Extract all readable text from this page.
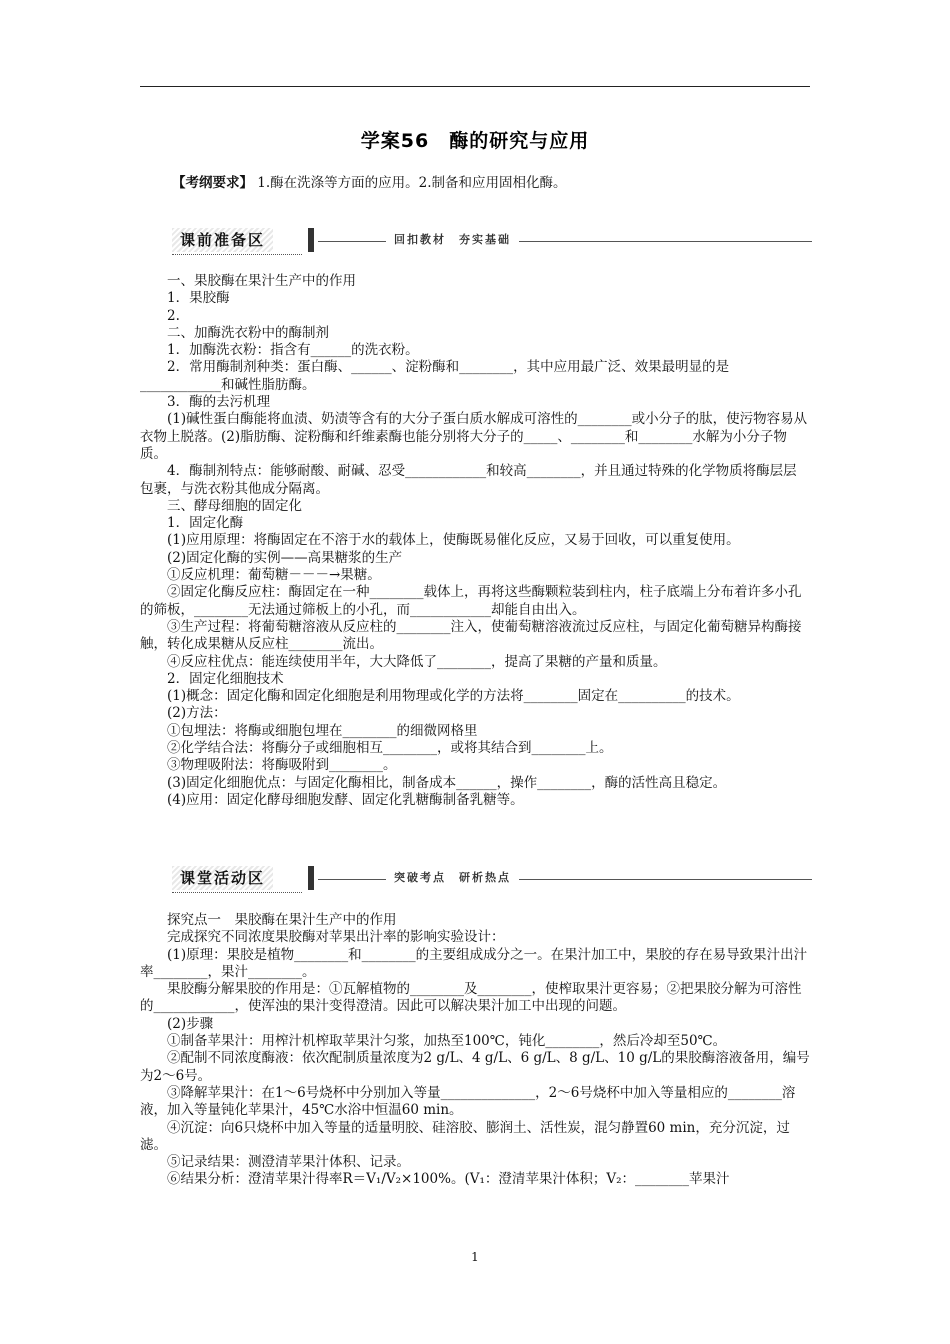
学案56　酶的研究与应用
【考纲要求】 1.酶在洗涤等方面的应用。2.制备和应用固相化酶。
课前准备区	回扣教材　夯实基础

一、果胶酶在果汁生产中的作用

1．果胶酶

2.

二、加酶洗衣粉中的酶制剂

1．加酶洗衣粉：指含有______的洗衣粉。

2．常用酶制剂种类：蛋白酶、______、淀粉酶和________，其中应用最广泛、效果最明显的是____________和碱性脂肪酶。

3．酶的去污机理

(1)碱性蛋白酶能将血渍、奶渍等含有的大分子蛋白质水解成可溶性的________或小分子的肽，使污物容易从衣物上脱落。(2)脂肪酶、淀粉酶和纤维素酶也能分别将大分子的_____、________和________水解为小分子物质。

4．酶制剂特点：能够耐酸、耐碱、忍受____________和较高________，并且通过特殊的化学物质将酶层层包裹，与洗衣粉其他成分隔离。

三、酵母细胞的固定化

1．固定化酶

(1)应用原理：将酶固定在不溶于水的载体上，使酶既易催化反应，又易于回收，可以重复使用。

(2)固定化酶的实例——高果糖浆的生产

①反应机理：葡萄糖－－－→果糖。

②固定化酶反应柱：酶固定在一种________载体上，再将这些酶颗粒装到柱内，柱子底端上分布着许多小孔的筛板，________无法通过筛板上的小孔，而____________却能自由出入。

③生产过程：将葡萄糖溶液从反应柱的________注入，使葡萄糖溶液流过反应柱，与固定化葡萄糖异构酶接触，转化成果糖从反应柱________流出。

④反应柱优点：能连续使用半年，大大降低了________，提高了果糖的产量和质量。

2．固定化细胞技术

(1)概念：固定化酶和固定化细胞是利用物理或化学的方法将________固定在__________的技术。

(2)方法：

①包埋法：将酶或细胞包埋在________的细微网格里

②化学结合法：将酶分子或细胞相互________，或将其结合到________上。

③物理吸附法：将酶吸附到________。

(3)固定化细胞优点：与固定化酶相比，制备成本______，操作________，酶的活性高且稳定。

(4)应用：固定化酵母细胞发酵、固定化乳糖酶制备乳糖等。

课堂活动区	突破考点　研析热点

探究点一　果胶酶在果汁生产中的作用

完成探究不同浓度果胶酶对苹果出汁率的影响实验设计：

(1)原理：果胶是植物________和________的主要组成成分之一。在果汁加工中，果胶的存在易导致果汁出汁率________，果汁________。

果胶酶分解果胶的作用是：①瓦解植物的________及________，使榨取果汁更容易；②把果胶分解为可溶性的____________，使浑浊的果汁变得澄清。因此可以解决果汁加工中出现的问题。

(2)步骤

①制备苹果汁：用榨汁机榨取苹果汁匀浆，加热至100℃，钝化________，然后冷却至50℃。

②配制不同浓度酶液：依次配制质量浓度为2 g/L、4 g/L、6 g/L、8 g/L、10 g/L的果胶酶溶液备用，编号为2～6号。

③降解苹果汁：在1～6号烧杯中分别加入等量______________，2～6号烧杯中加入等量相应的________溶液，加入等量钝化苹果汁，45℃水浴中恒温60 min。

④沉淀：向6只烧杯中加入等量的适量明胶、硅溶胶、膨润土、活性炭，混匀静置60 min，充分沉淀，过滤。

⑤记录结果：测澄清苹果汁体积、记录。

⑥结果分析：澄清苹果汁得率R＝V₁/V₂×100%。(V₁：澄清苹果汁体积；V₂：________苹果汁

1
